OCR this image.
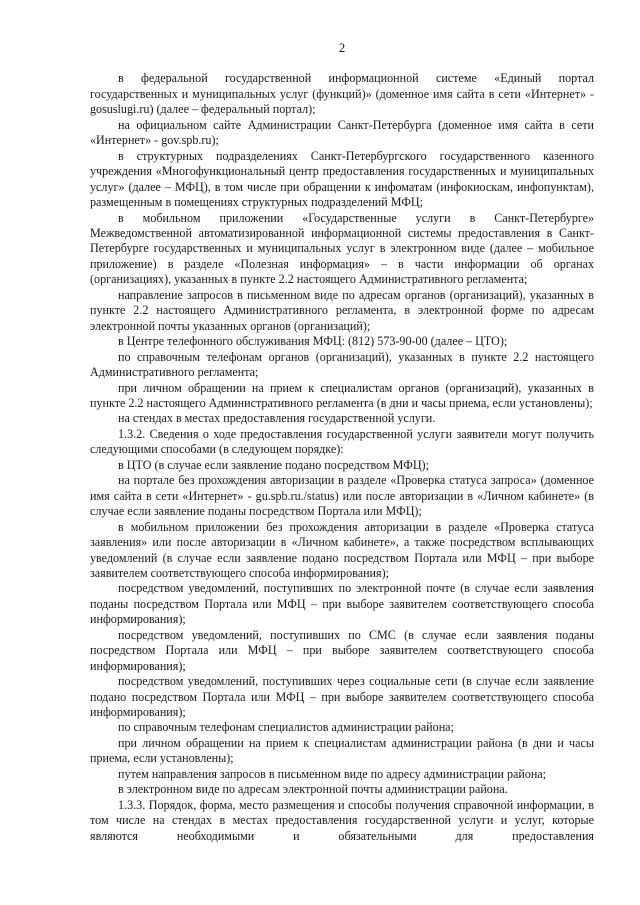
2

в федеральной государственной информационной системе «Единый портал государственных и муниципальных услуг (функций)» (доменное имя сайта в сети «Интернет» - gosuslugi.ru) (далее – федеральный портал);

на официальном сайте Администрации Санкт-Петербурга (доменное имя сайта в сети «Интернет» - gov.spb.ru);

в структурных подразделениях Санкт-Петербургского государственного казенного учреждения «Многофункциональный центр предоставления государственных и муниципальных услуг» (далее – МФЦ), в том числе при обращении к инфоматам (инфокиоскам, инфопунктам), размещенным в помещениях структурных подразделений МФЦ;

в мобильном приложении «Государственные услуги в Санкт-Петербурге» Межведомственной автоматизированной информационной системы предоставления в Санкт-Петербурге государственных и муниципальных услуг в электронном виде (далее – мобильное приложение) в разделе «Полезная информация» – в части информации об органах (организациях), указанных в пункте 2.2 настоящего Административного регламента;

направление запросов в письменном виде по адресам органов (организаций), указанных в пункте 2.2 настоящего Административного регламента, в электронной форме по адресам электронной почты указанных органов (организаций);

в Центре телефонного обслуживания МФЦ: (812) 573-90-00 (далее – ЦТО);

по справочным телефонам органов (организаций), указанных в пункте 2.2 настоящего Административного регламента;

при личном обращении на прием к специалистам органов (организаций), указанных в пункте 2.2 настоящего Административного регламента (в дни и часы приема, если установлены);

на стендах в местах предоставления государственной услуги.

1.3.2. Сведения о ходе предоставления государственной услуги заявители могут получить следующими способами (в следующем порядке):

в ЦТО (в случае если заявление подано посредством МФЦ);

на портале без прохождения авторизации в разделе «Проверка статуса запроса» (доменное имя сайта в сети «Интернет» - gu.spb.ru./status) или после авторизации в «Личном кабинете» (в случае если заявление поданы посредством Портала или МФЦ);

в мобильном приложении без прохождения авторизации в разделе «Проверка статуса заявления» или после авторизации в «Личном кабинете», а также посредством всплывающих уведомлений (в случае если заявление подано посредством Портала или МФЦ – при выборе заявителем соответствующего способа информирования);

посредством уведомлений, поступивших по электронной почте (в случае если заявления поданы посредством Портала или МФЦ – при выборе заявителем соответствующего способа информирования);

посредством уведомлений, поступивших по СМС (в случае если заявления поданы посредством Портала или МФЦ – при выборе заявителем соответствующего способа информирования);

посредством уведомлений, поступивших через социальные сети (в случае если заявление подано посредством Портала или МФЦ – при выборе заявителем соответствующего способа информирования);

по справочным телефонам специалистов администрации района;

при личном обращении на прием к специалистам администрации района (в дни и часы приема, если установлены);

путем направления запросов в письменном виде по адресу администрации района;

в электронном виде по адресам электронной почты администрации района.

1.3.3. Порядок, форма, место размещения и способы получения справочной информации, в том числе на стендах в местах предоставления государственной услуги и услуг, которые являются необходимыми и обязательными для предоставления
